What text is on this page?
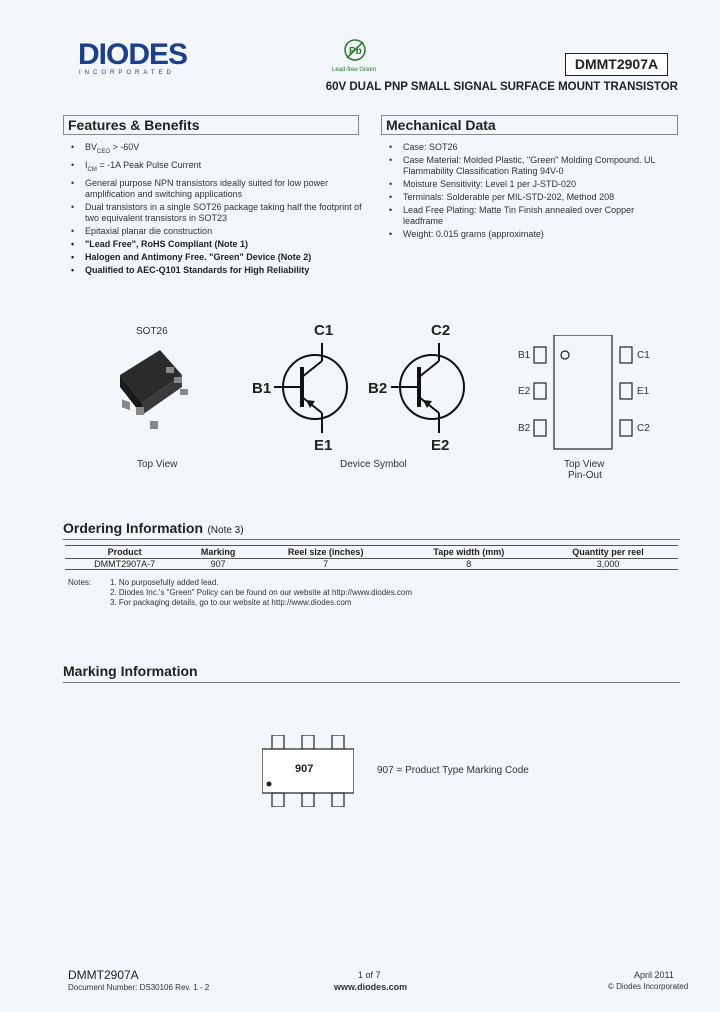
DIODES
INCORPORATED
Pb
Lead-free Green	DMMT2907A
60V DUAL PNP SMALL SIGNAL SURFACE MOUNT TRANSISTOR
Features & Benefits
• $BV_{CEO} > -60V$
• $I_{CM} = -1A$ Peak Pulse Current
• General purpose NPN transistors ideally suited for low power amplification and switching applications
• Dual transistors in a single SOT26 package taking half the footprint of two equivalent transistors in SOT23
• Epitaxial planar die construction
• "Lead Free", RoHS Compliant (Note 1)
• Halogen and Antimony Free. "Green" Device (Note 2)
• Qualified to AEC-Q101 Standards for High Reliability
Mechanical Data
• Case: SOT26
• Case Material: Molded Plastic, "Green" Molding Compound. UL Flammability Classification Rating 94V-0
• Moisture Sensitivity: Level 1 per J-STD-020
• Terminals: Solderable per MIL-STD-202, Method 208
• Lead Free Plating: Matte Tin Finish annealed over Copper leadframe
• Weight: 0.015 grams (approximate)
SOT26
Top View
C1
B1
E1
C2
B2
E2
Device Symbol
B1
E2
B2
C1
E1
C2
Top View
Pin-Out
Ordering Information (Note 3)
Product	Marking	Reel size (inches)	Tape width (mm)	Quantity per reel
DMMT2907A-7	907	7	8	3,000
Notes: 1. No purposefully added lead.
2. Diodes Inc.'s "Green" Policy can be found on our website at http://www.diodes.com
3. For packaging details, go to our website at http://www.diodes.com
Marking Information
907	907 = Product Type Marking Code
DMMT2907A
Document Number: DS30106 Rev. 1 - 2
1 of 7
www.diodes.com
April 2011
© Diodes Incorporated
